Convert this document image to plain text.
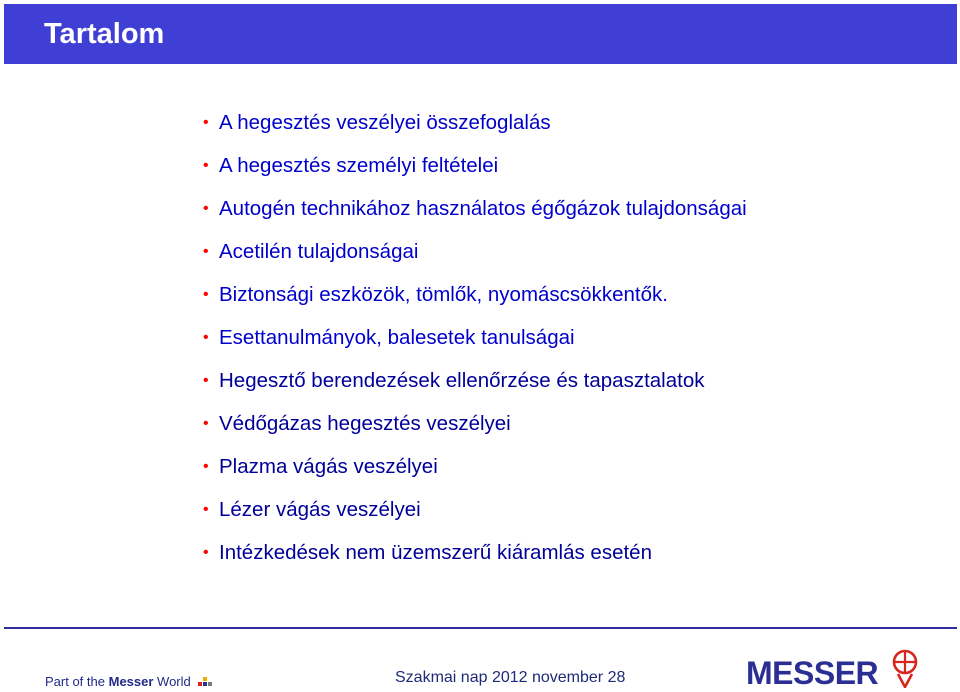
Tartalom
• A hegesztés veszélyei összefoglalás
• A hegesztés személyi feltételei
• Autogén technikához használatos égőgázok tulajdonságai
• Acetilén tulajdonságai
• Biztonsági eszközök, tömlők, nyomáscsökkentők.
• Esettanulmányok, balesetek tanulságai
• Hegesztő berendezések ellenőrzése és tapasztalatok
• Védőgázas hegesztés veszélyei
• Plazma vágás veszélyei
• Lézer vágás veszélyei
• Intézkedések nem üzemszerű kiáramlás esetén
Part of the Messer World	Szakmai nap 2012 november 28	MESSER
